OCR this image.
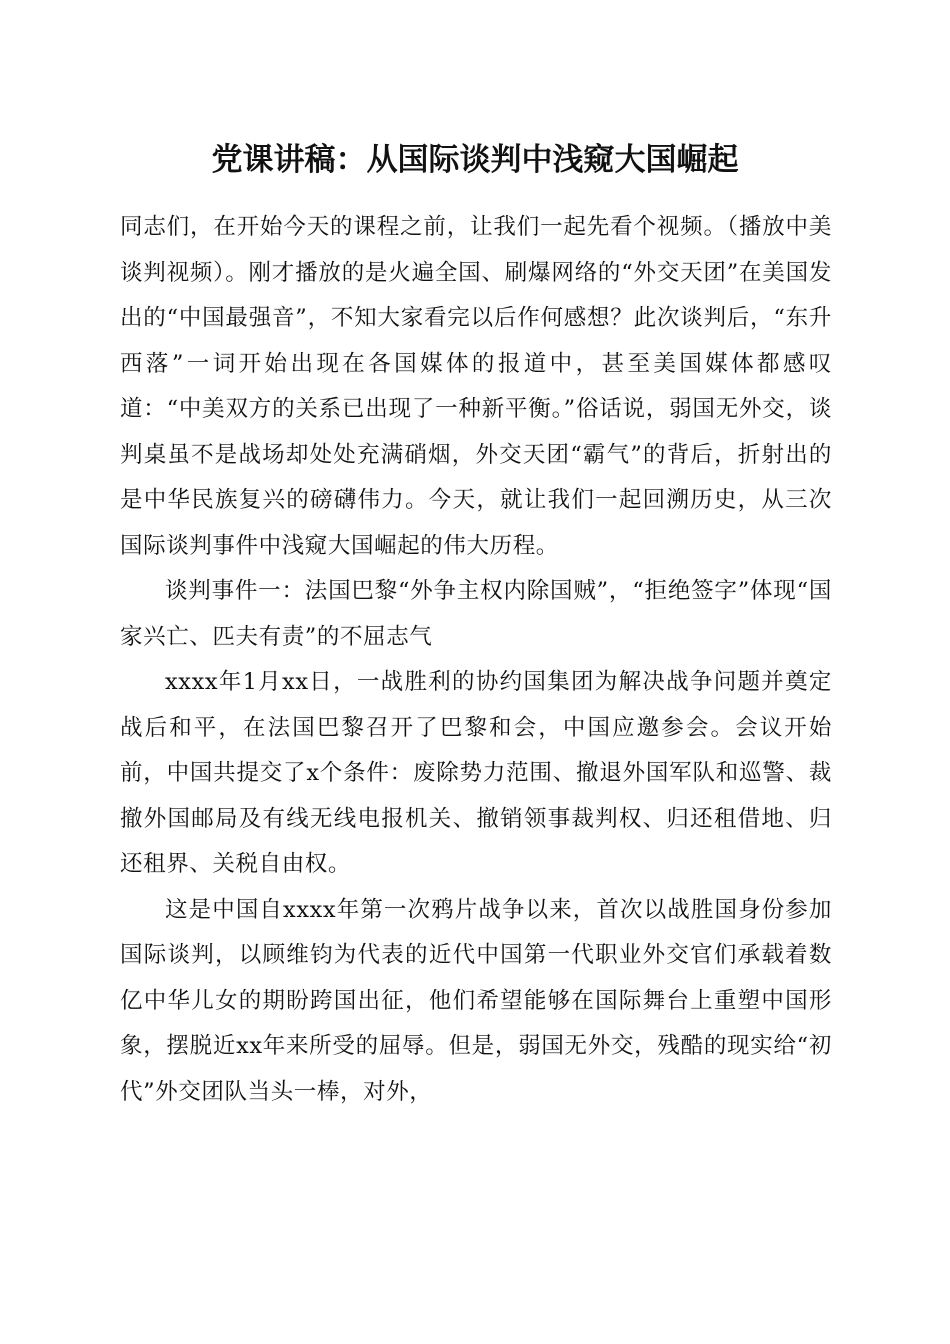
党课讲稿：从国际谈判中浅窥大国崛起

同志们，在开始今天的课程之前，让我们一起先看个视频。（播放中美谈判视频）。刚才播放的是火遍全国、刷爆网络的“外交天团”在美国发出的“中国最强音”，不知大家看完以后作何感想？此次谈判后，“东升西落”一词开始出现在各国媒体的报道中，甚至美国媒体都感叹道：“中美双方的关系已出现了一种新平衡。”俗话说，弱国无外交，谈判桌虽不是战场却处处充满硝烟，外交天团“霸气”的背后，折射出的是中华民族复兴的磅礴伟力。今天，就让我们一起回溯历史，从三次国际谈判事件中浅窥大国崛起的伟大历程。

谈判事件一：法国巴黎“外争主权内除国贼”，“拒绝签字”体现“国家兴亡、匹夫有责”的不屈志气

xxxx年1月xx日，一战胜利的协约国集团为解决战争问题并奠定战后和平，在法国巴黎召开了巴黎和会，中国应邀参会。会议开始前，中国共提交了x个条件：废除势力范围、撤退外国军队和巡警、裁撤外国邮局及有线无线电报机关、撤销领事裁判权、归还租借地、归还租界、关税自由权。

这是中国自xxxx年第一次鸦片战争以来，首次以战胜国身份参加国际谈判，以顾维钧为代表的近代中国第一代职业外交官们承载着数亿中华儿女的期盼跨国出征，他们希望能够在国际舞台上重塑中国形象，摆脱近xx年来所受的屈辱。但是，弱国无外交，残酷的现实给“初代”外交团队当头一棒，对外，
